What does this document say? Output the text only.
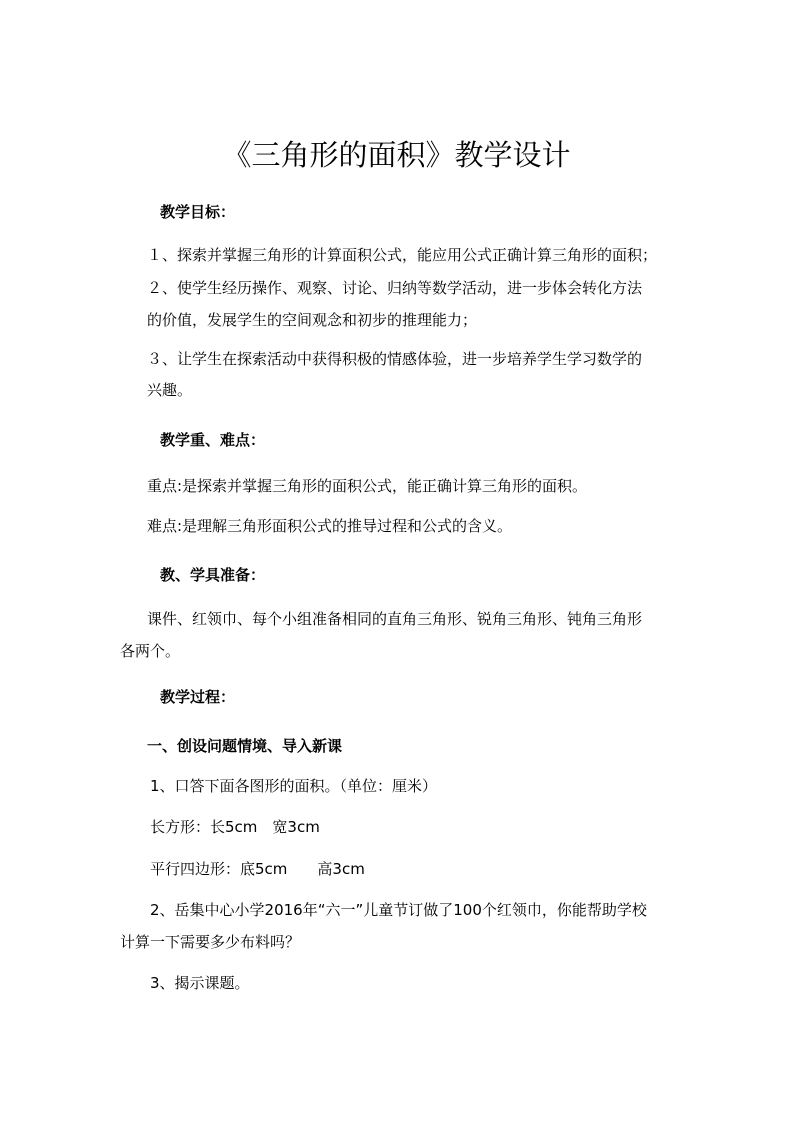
《三角形的面积》教学设计
教学目标：
１、探索并掌握三角形的计算面积公式，能应用公式正确计算三角形的面积；
２、使学生经历操作、观察、讨论、归纳等数学活动，进一步体会转化方法
的价值，发展学生的空间观念和初步的推理能力；
３、让学生在探索活动中获得积极的情感体验，进一步培养学生学习数学的
兴趣。
教学重、难点：
重点:是探索并掌握三角形的面积公式，能正确计算三角形的面积。
难点:是理解三角形面积公式的推导过程和公式的含义。
教、学具准备：
课件、红领巾、每个小组准备相同的直角三角形、锐角三角形、钝角三角形
各两个。
教学过程：
一、创设问题情境、导入新课
1、口答下面各图形的面积。（单位：厘米）
长方形：长5cm　宽3cm
平行四边形：底5cm　　高3cm
2、岳集中心小学2016年“六一”儿童节订做了100个红领巾，你能帮助学校
计算一下需要多少布料吗？
3、揭示课题。
